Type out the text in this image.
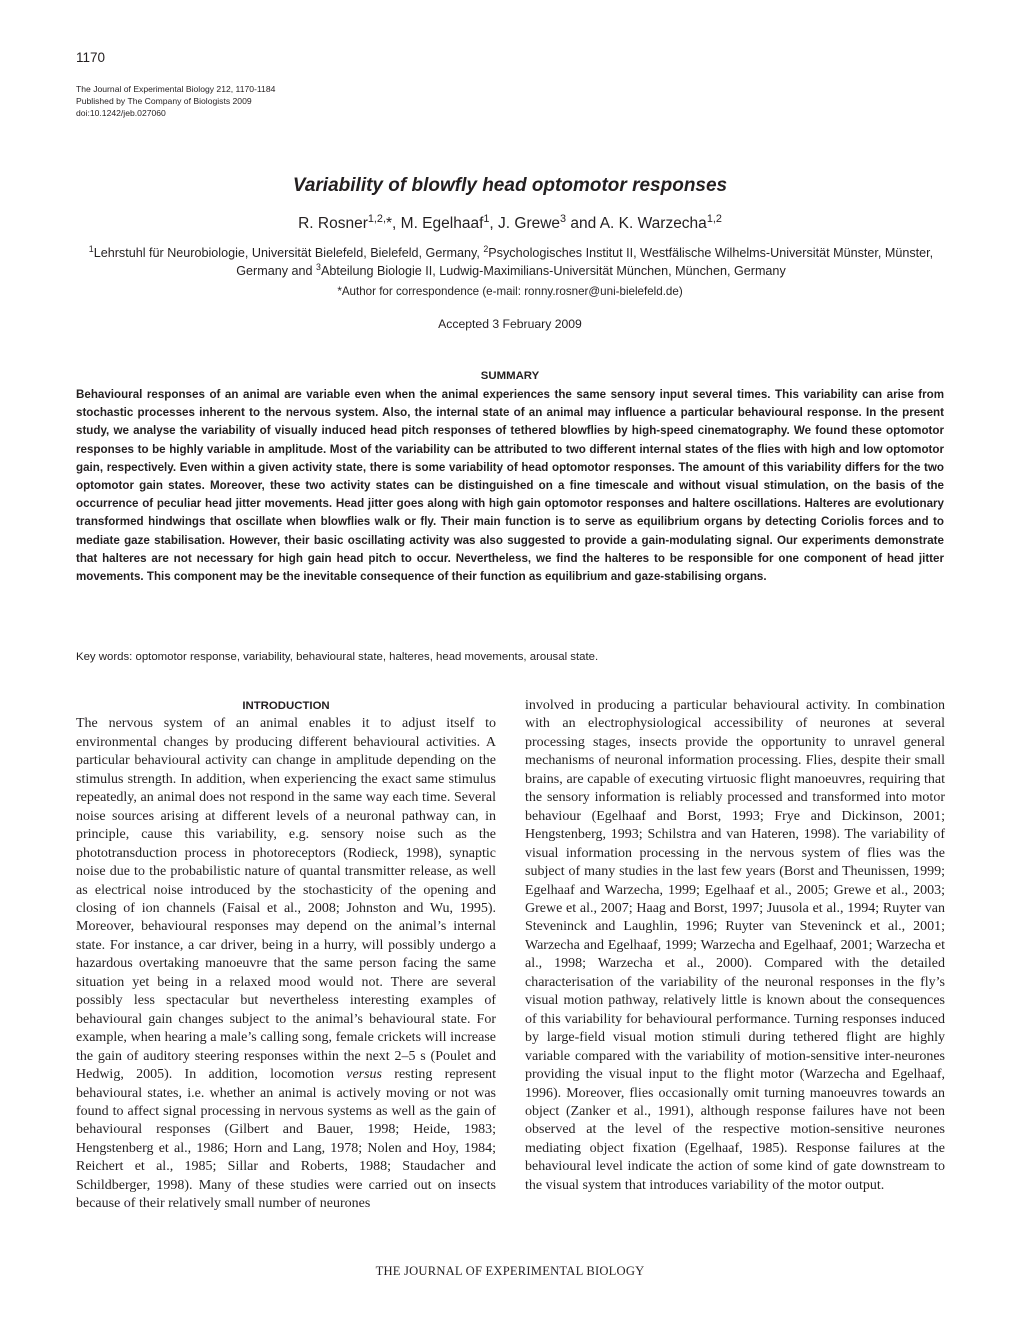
1170
The Journal of Experimental Biology 212, 1170-1184
Published by The Company of Biologists 2009
doi:10.1242/jeb.027060
Variability of blowfly head optomotor responses
R. Rosner$^{1,2,}$*, M. Egelhaaf$^1$, J. Grewe$^3$ and A. K. Warzecha$^{1,2}$
$^1$Lehrstuhl für Neurobiologie, Universität Bielefeld, Bielefeld, Germany, $^2$Psychologisches Institut II, Westfälische Wilhelms-Universität Münster, Münster, Germany and $^3$Abteilung Biologie II, Ludwig-Maximilians-Universität München, München, Germany
*Author for correspondence (e-mail: ronny.rosner@uni-bielefeld.de)
Accepted 3 February 2009
SUMMARY

Behavioural responses of an animal are variable even when the animal experiences the same sensory input several times. This variability can arise from stochastic processes inherent to the nervous system. Also, the internal state of an animal may influence a particular behavioural response. In the present study, we analyse the variability of visually induced head pitch responses of tethered blowflies by high-speed cinematography. We found these optomotor responses to be highly variable in amplitude. Most of the variability can be attributed to two different internal states of the flies with high and low optomotor gain, respectively. Even within a given activity state, there is some variability of head optomotor responses. The amount of this variability differs for the two optomotor gain states. Moreover, these two activity states can be distinguished on a fine timescale and without visual stimulation, on the basis of the occurrence of peculiar head jitter movements. Head jitter goes along with high gain optomotor responses and haltere oscillations. Halteres are evolutionary transformed hindwings that oscillate when blowflies walk or fly. Their main function is to serve as equilibrium organs by detecting Coriolis forces and to mediate gaze stabilisation. However, their basic oscillating activity was also suggested to provide a gain-modulating signal. Our experiments demonstrate that halteres are not necessary for high gain head pitch to occur. Nevertheless, we find the halteres to be responsible for one component of head jitter movements. This component may be the inevitable consequence of their function as equilibrium and gaze-stabilising organs.

Key words: optomotor response, variability, behavioural state, halteres, head movements, arousal state.
INTRODUCTION

The nervous system of an animal enables it to adjust itself to environmental changes by producing different behavioural activities. A particular behavioural activity can change in amplitude depending on the stimulus strength. In addition, when experiencing the exact same stimulus repeatedly, an animal does not respond in the same way each time. Several noise sources arising at different levels of a neuronal pathway can, in principle, cause this variability, e.g. sensory noise such as the phototransduction process in photoreceptors (Rodieck, 1998), synaptic noise due to the probabilistic nature of quantal transmitter release, as well as electrical noise introduced by the stochasticity of the opening and closing of ion channels (Faisal et al., 2008; Johnston and Wu, 1995). Moreover, behavioural responses may depend on the animal’s internal state. For instance, a car driver, being in a hurry, will possibly undergo a hazardous overtaking manoeuvre that the same person facing the same situation yet being in a relaxed mood would not. There are several possibly less spectacular but nevertheless interesting examples of behavioural gain changes subject to the animal’s behavioural state. For example, when hearing a male’s calling song, female crickets will increase the gain of auditory steering responses within the next 2–5 s (Poulet and Hedwig, 2005). In addition, locomotion versus resting represent behavioural states, i.e. whether an animal is actively moving or not was found to affect signal processing in nervous systems as well as the gain of behavioural responses (Gilbert and Bauer, 1998; Heide, 1983; Hengstenberg et al., 1986; Horn and Lang, 1978; Nolen and Hoy, 1984; Reichert et al., 1985; Sillar and Roberts, 1988; Staudacher and Schildberger, 1998). Many of these studies were carried out on insects because of their relatively small number of neurones

involved in producing a particular behavioural activity. In combination with an electrophysiological accessibility of neurones at several processing stages, insects provide the opportunity to unravel general mechanisms of neuronal information processing. Flies, despite their small brains, are capable of executing virtuosic flight manoeuvres, requiring that the sensory information is reliably processed and transformed into motor behaviour (Egelhaaf and Borst, 1993; Frye and Dickinson, 2001; Hengstenberg, 1993; Schilstra and van Hateren, 1998). The variability of visual information processing in the nervous system of flies was the subject of many studies in the last few years (Borst and Theunissen, 1999; Egelhaaf and Warzecha, 1999; Egelhaaf et al., 2005; Grewe et al., 2003; Grewe et al., 2007; Haag and Borst, 1997; Juusola et al., 1994; Ruyter van Steveninck and Laughlin, 1996; Ruyter van Steveninck et al., 2001; Warzecha and Egelhaaf, 1999; Warzecha and Egelhaaf, 2001; Warzecha et al., 1998; Warzecha et al., 2000). Compared with the detailed characterisation of the variability of the neuronal responses in the fly’s visual motion pathway, relatively little is known about the consequences of this variability for behavioural performance. Turning responses induced by large-field visual motion stimuli during tethered flight are highly variable compared with the variability of motion-sensitive inter-neurones providing the visual input to the flight motor (Warzecha and Egelhaaf, 1996). Moreover, flies occasionally omit turning manoeuvres towards an object (Zanker et al., 1991), although response failures have not been observed at the level of the respective motion-sensitive neurones mediating object fixation (Egelhaaf, 1985). Response failures at the behavioural level indicate the action of some kind of gate downstream to the visual system that introduces variability of the motor output.

THE JOURNAL OF EXPERIMENTAL BIOLOGY
